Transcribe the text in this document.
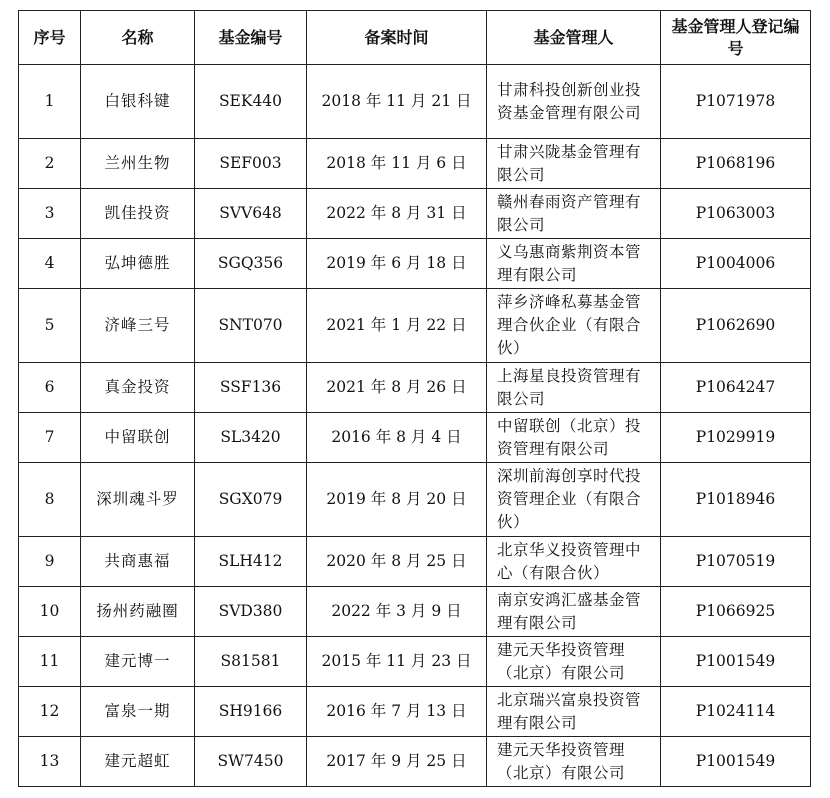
序号	名称	基金编号	备案时间	基金管理人	基金管理人登记编号
1	白银科键	SEK440	2018 年 11 月 21 日	甘肃科投创新创业投资基金管理有限公司	P1071978
2	兰州生物	SEF003	2018 年 11 月 6 日	甘肃兴陇基金管理有限公司	P1068196
3	凯佳投资	SVV648	2022 年 8 月 31 日	赣州春雨资产管理有限公司	P1063003
4	弘坤德胜	SGQ356	2019 年 6 月 18 日	义乌惠商紫荆资本管理有限公司	P1004006
5	济峰三号	SNT070	2021 年 1 月 22 日	萍乡济峰私募基金管理合伙企业（有限合伙）	P1062690
6	真金投资	SSF136	2021 年 8 月 26 日	上海星良投资管理有限公司	P1064247
7	中留联创	SL3420	2016 年 8 月 4 日	中留联创（北京）投资管理有限公司	P1029919
8	深圳魂斗罗	SGX079	2019 年 8 月 20 日	深圳前海创享时代投资管理企业（有限合伙）	P1018946
9	共商惠福	SLH412	2020 年 8 月 25 日	北京华义投资管理中心（有限合伙）	P1070519
10	扬州药融圈	SVD380	2022 年 3 月 9 日	南京安鸿汇盛基金管理有限公司	P1066925
11	建元博一	S81581	2015 年 11 月 23 日	建元天华投资管理（北京）有限公司	P1001549
12	富泉一期	SH9166	2016 年 7 月 13 日	北京瑞兴富泉投资管理有限公司	P1024114
13	建元超虹	SW7450	2017 年 9 月 25 日	建元天华投资管理（北京）有限公司	P1001549
